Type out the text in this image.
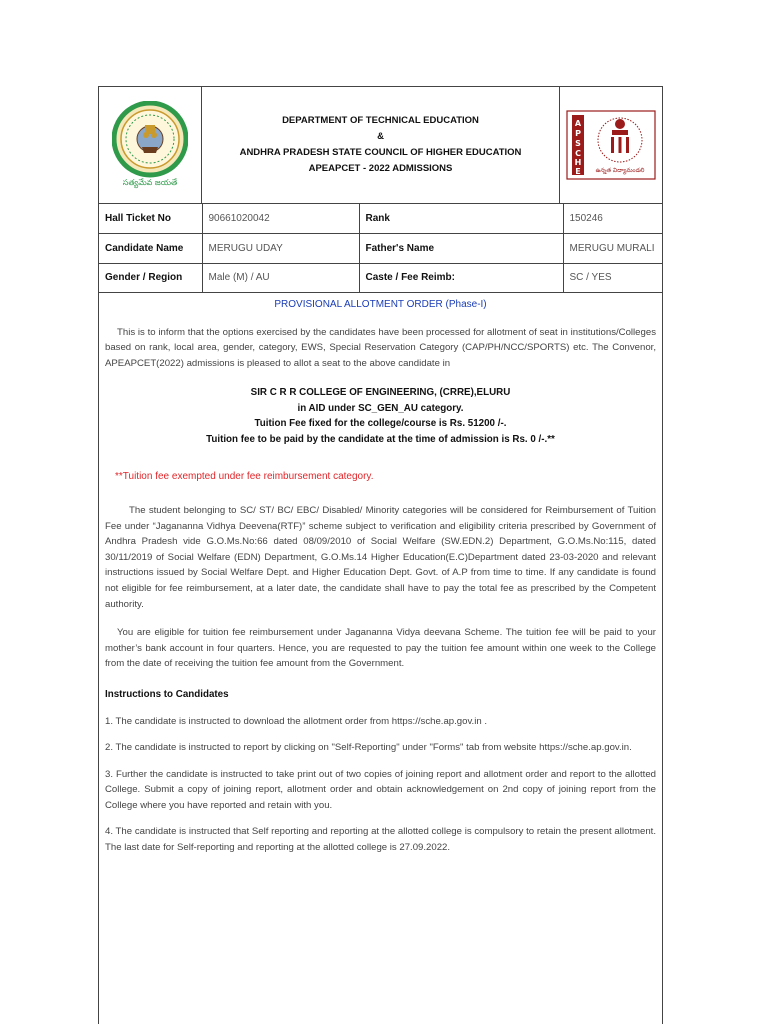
సత్యమేవ జయతే
DEPARTMENT OF TECHNICAL EDUCATION
&
ANDHRA PRADESH STATE COUNCIL OF HIGHER EDUCATION
APEAPCET - 2022 ADMISSIONS
A
P
S
C
H
E ఉన్నత విద్యామండలి
Hall Ticket No	90661020042	Rank	150246
Candidate Name	MERUGU UDAY	Father's Name	MERUGU MURALI
Gender / Region	Male (M) / AU	Caste / Fee Reimb:	SC / YES
PROVISIONAL ALLOTMENT ORDER (Phase-I)

This is to inform that the options exercised by the candidates have been processed for allotment of seat in institutions/Colleges based on rank, local area, gender, category, EWS, Special Reservation Category (CAP/PH/NCC/SPORTS) etc. The Convenor, APEAPCET(2022) admissions is pleased to allot a seat to the above candidate in

SIR C R R COLLEGE OF ENGINEERING, (CRRE),ELURU
in AID under SC_GEN_AU category.
Tuition Fee fixed for the college/course is Rs. 51200 /-.
Tuition fee to be paid by the candidate at the time of admission is Rs. 0 /-.**
**Tuition fee exempted under fee reimbursement category.

The student belonging to SC/ ST/ BC/ EBC/ Disabled/ Minority categories will be considered for Reimbursement of Tuition Fee under “Jagananna Vidhya Deevena(RTF)” scheme subject to verification and eligibility criteria prescribed by Government of Andhra Pradesh vide G.O.Ms.No:66 dated 08/09/2010 of Social Welfare (SW.EDN.2) Department, G.O.Ms.No:115, dated 30/11/2019 of Social Welfare (EDN) Department, G.O.Ms.14 Higher Education(E.C)Department dated 23-03-2020 and relevant instructions issued by Social Welfare Dept. and Higher Education Dept. Govt. of A.P from time to time. If any candidate is found not eligible for fee reimbursement, at a later date, the candidate shall have to pay the total fee as prescribed by the Competent authority.

You are eligible for tuition fee reimbursement under Jagananna Vidya deevana Scheme. The tuition fee will be paid to your mother’s bank account in four quarters. Hence, you are requested to pay the tuition fee amount within one week to the College from the date of receiving the tuition fee amount from the Government.

Instructions to Candidates

1. The candidate is instructed to download the allotment order from https://sche.ap.gov.in .

2. The candidate is instructed to report by clicking on "Self-Reporting" under "Forms" tab from website https://sche.ap.gov.in.

3. Further the candidate is instructed to take print out of two copies of joining report and allotment order and report to the allotted College. Submit a copy of joining report, allotment order and obtain acknowledgement on 2nd copy of joining report from the College where you have reported and retain with you.

4. The candidate is instructed that Self reporting and reporting at the allotted college is compulsory to retain the present allotment. The last date for Self-reporting and reporting at the allotted college is 27.09.2022.
